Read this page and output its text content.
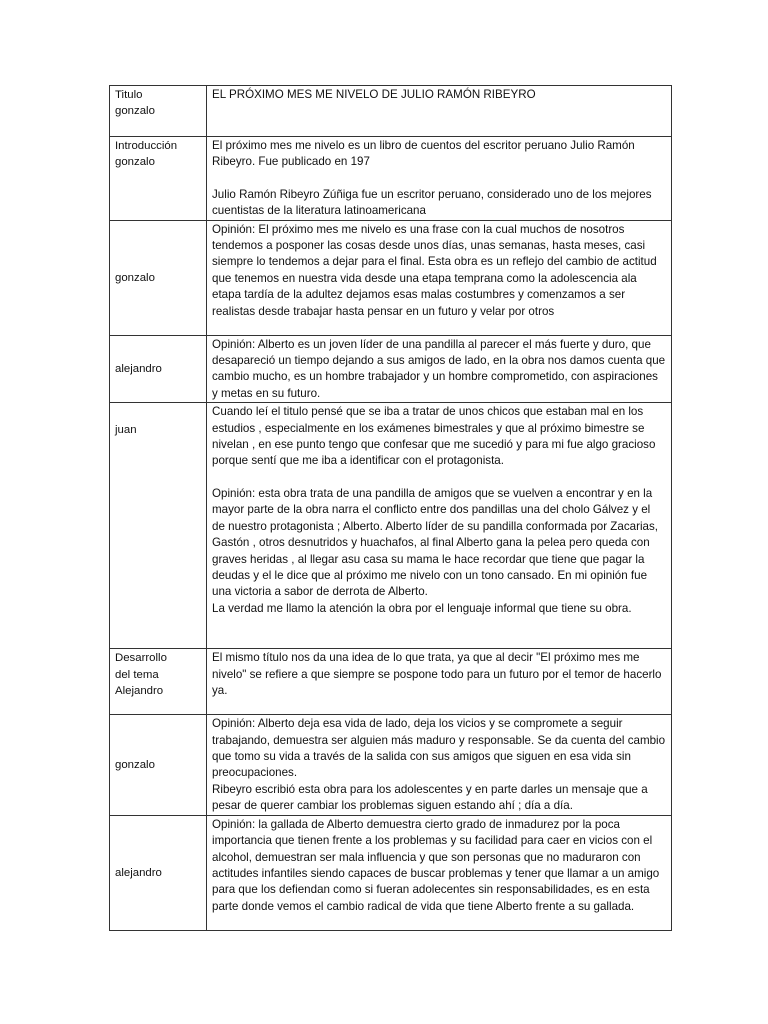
Titulo
gonzalo	EL PRÓXIMO MES ME NIVELO DE JULIO RAMÓN RIBEYRO

Introducción
gonzalo	El próximo mes me nivelo es un libro de cuentos del escritor peruano Julio Ramón Ribeyro. Fue publicado en 197
Julio Ramón Ribeyro Zúñiga fue un escritor peruano, considerado uno de los mejores cuentistas de la literatura latinoamericana

gonzalo	Opinión: El próximo mes me nivelo es una frase con la cual muchos de nosotros tendemos a posponer las cosas desde unos días, unas semanas, hasta meses, casi siempre lo tendemos a dejar para el final. Esta obra es un reflejo del cambio de actitud que tenemos en nuestra vida desde una etapa temprana como la adolescencia ala etapa tardía de la adultez dejamos esas malas costumbres y comenzamos a ser realistas desde trabajar hasta pensar en un futuro y velar por otros

alejandro	Opinión: Alberto es un joven líder de una pandilla al parecer el más fuerte y duro, que desapareció un tiempo dejando a sus amigos de lado, en la obra nos damos cuenta que cambio mucho, es un hombre trabajador y un hombre comprometido, con aspiraciones y metas en su futuro.

juan	Cuando leí el titulo pensé que se iba a tratar de unos chicos que estaban mal en los estudios , especialmente en los exámenes bimestrales y que al próximo bimestre se nivelan , en ese punto tengo que confesar que me sucedió y para mi fue algo gracioso porque sentí que me iba a identificar con el protagonista.
Opinión: esta obra trata de una pandilla de amigos que se vuelven a encontrar y en la mayor parte de la obra narra el conflicto entre dos pandillas una del cholo Gálvez y el de nuestro protagonista ; Alberto. Alberto líder de su pandilla conformada por Zacarias, Gastón , otros desnutridos y huachafos, al final Alberto gana la pelea pero queda con graves heridas , al llegar asu casa su mama le hace recordar que tiene que pagar la deudas y el le dice que al próximo me nivelo con un tono cansado. En mi opinión fue una victoria a sabor de derrota de Alberto.
La verdad me llamo la atención la obra por el lenguaje informal que tiene su obra.

Desarrollo
del tema
Alejandro	El mismo título nos da una idea de lo que trata, ya que al decir "El próximo mes me nivelo" se refiere a que siempre se pospone todo para un futuro por el temor de hacerlo ya.

gonzalo	Opinión: Alberto deja esa vida de lado, deja los vicios y se compromete a seguir trabajando, demuestra ser alguien más maduro y responsable. Se da cuenta del cambio que tomo su vida a través de la salida con sus amigos que siguen en esa vida sin preocupaciones.
Ribeyro escribió esta obra para los adolescentes y en parte darles un mensaje que a pesar de querer cambiar los problemas siguen estando ahí ; día a día.

alejandro	Opinión: la gallada de Alberto demuestra cierto grado de inmadurez por la poca importancia que tienen frente a los problemas y su facilidad para caer en vicios con el alcohol, demuestran ser mala influencia y que son personas que no maduraron con actitudes infantiles siendo capaces de buscar problemas y tener que llamar a un amigo para que los defiendan como si fueran adolecentes sin responsabilidades, es en esta parte donde vemos el cambio radical de vida que tiene Alberto frente a su gallada.
